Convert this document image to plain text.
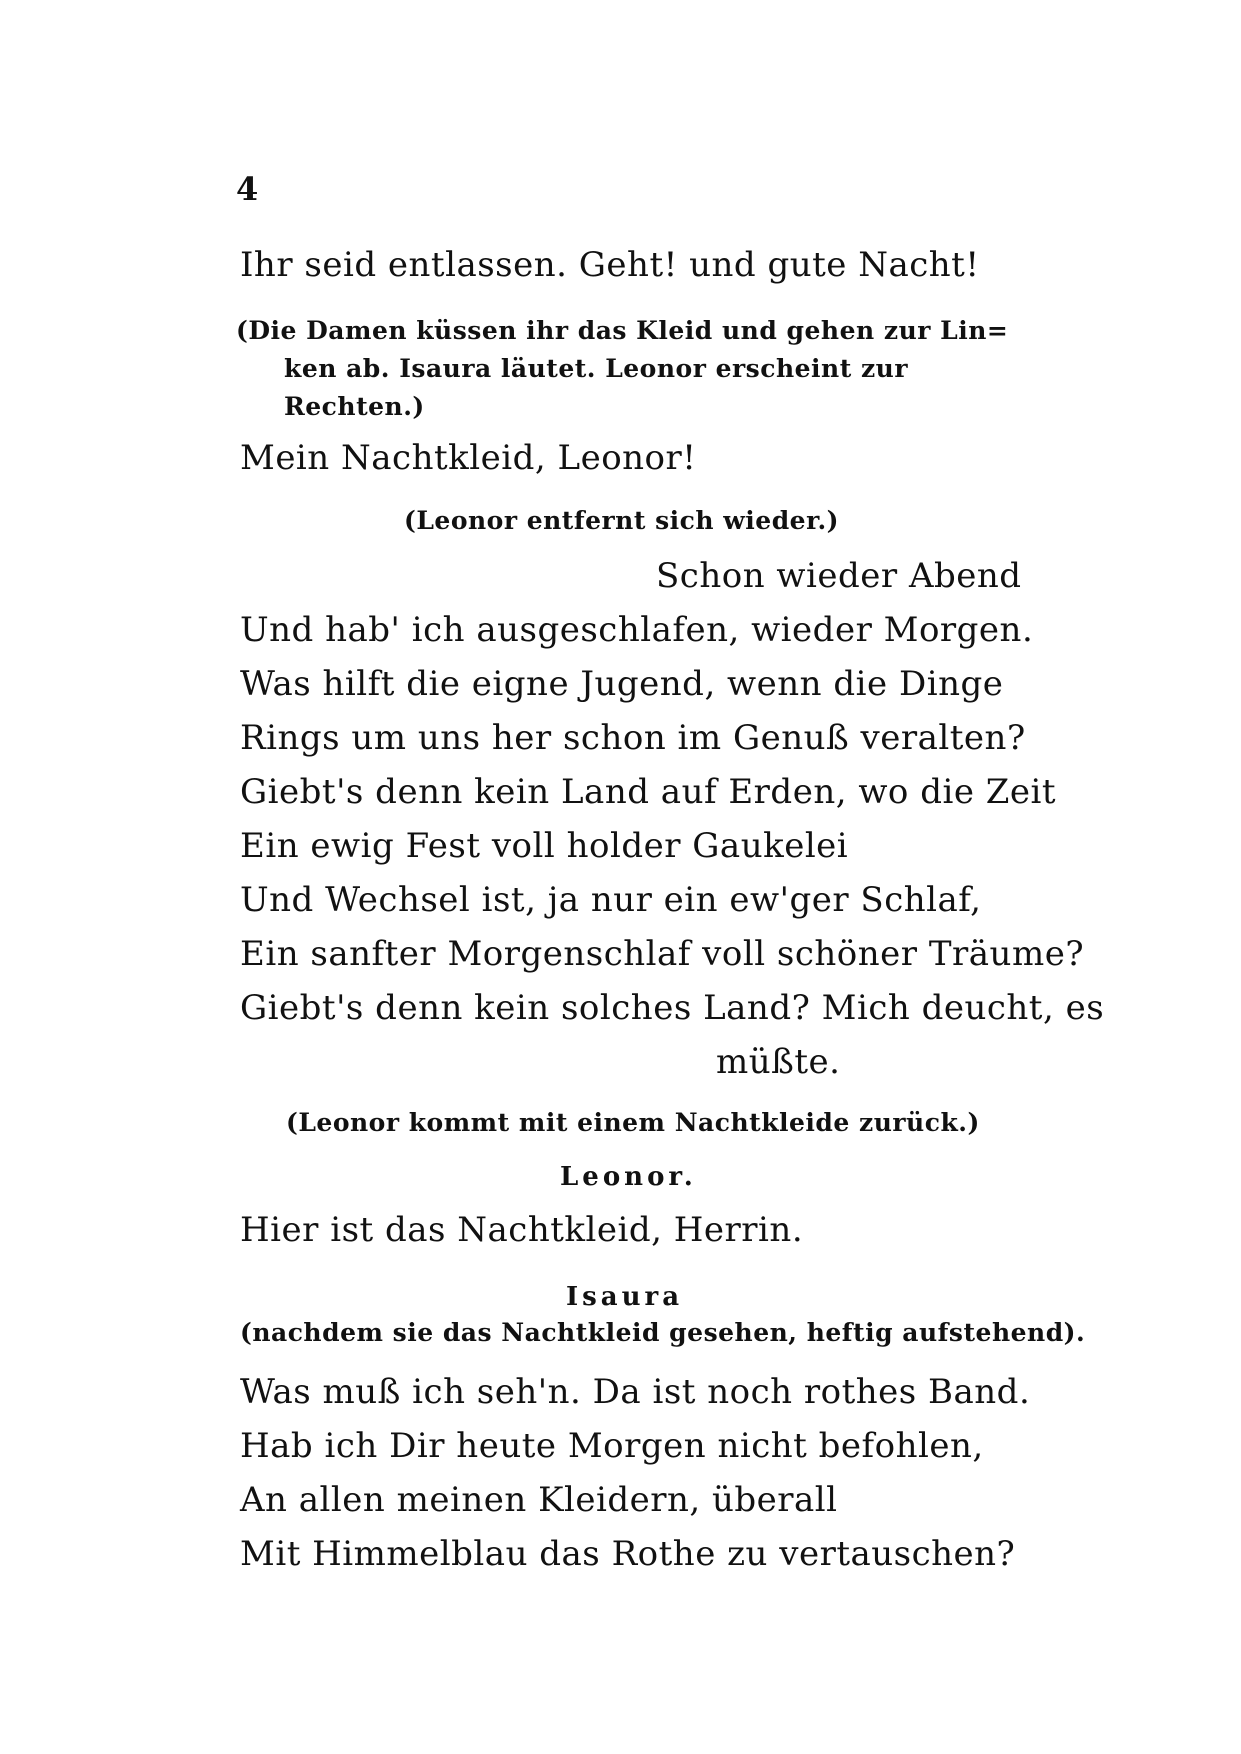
4
Ihr seid entlassen. Geht! und gute Nacht!
(Die Damen küssen ihr das Kleid und gehen zur Lin=
ken ab. Isaura läutet. Leonor erscheint zur
Rechten.)
Mein Nachtkleid, Leonor!
(Leonor entfernt sich wieder.)
Schon wieder Abend
Und hab' ich ausgeschlafen, wieder Morgen.
Was hilft die eigne Jugend, wenn die Dinge
Rings um uns her schon im Genuß veralten?
Giebt's denn kein Land auf Erden, wo die Zeit
Ein ewig Fest voll holder Gaukelei
Und Wechsel ist, ja nur ein ew'ger Schlaf,
Ein sanfter Morgenschlaf voll schöner Träume?
Giebt's denn kein solches Land? Mich deucht, es
müßte.
(Leonor kommt mit einem Nachtkleide zurück.)
Leonor.
Hier ist das Nachtkleid, Herrin.
Isaura
(nachdem sie das Nachtkleid gesehen, heftig aufstehend).
Was muß ich seh'n. Da ist noch rothes Band.
Hab ich Dir heute Morgen nicht befohlen,
An allen meinen Kleidern, überall
Mit Himmelblau das Rothe zu vertauschen?
